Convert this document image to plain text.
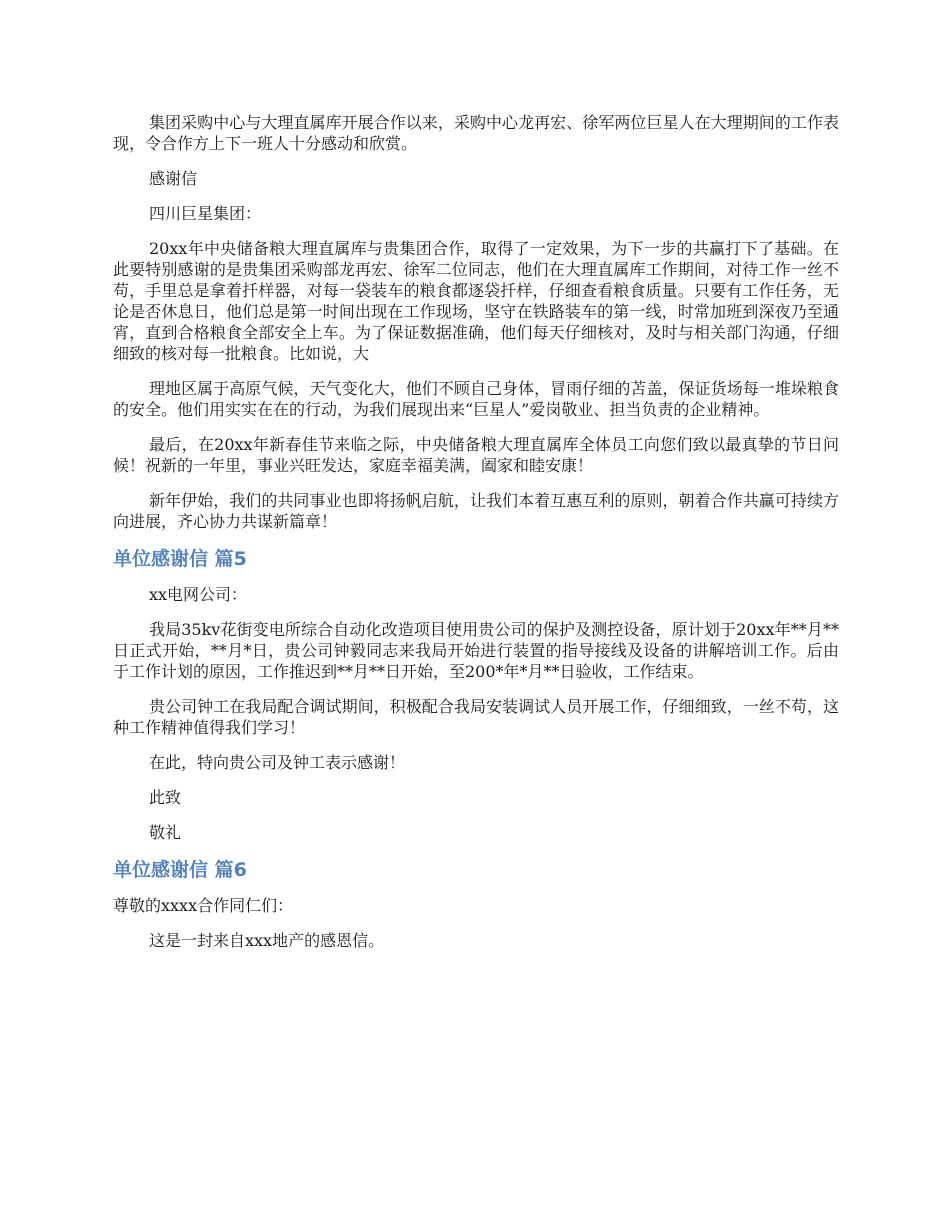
集团采购中心与大理直属库开展合作以来，采购中心龙再宏、徐军两位巨星人在大理期间的工作表现，令合作方上下一班人十分感动和欣赏。

感谢信

四川巨星集团：

20xx年中央储备粮大理直属库与贵集团合作，取得了一定效果，为下一步的共赢打下了基础。在此要特别感谢的是贵集团采购部龙再宏、徐军二位同志，他们在大理直属库工作期间，对待工作一丝不苟，手里总是拿着扦样器，对每一袋装车的粮食都逐袋扦样，仔细查看粮食质量。只要有工作任务，无论是否休息日，他们总是第一时间出现在工作现场，坚守在铁路装车的第一线，时常加班到深夜乃至通宵，直到合格粮食全部安全上车。为了保证数据准确，他们每天仔细核对，及时与相关部门沟通，仔细细致的核对每一批粮食。比如说，大

理地区属于高原气候，天气变化大，他们不顾自己身体，冒雨仔细的苫盖，保证货场每一堆垛粮食的安全。他们用实实在在的行动，为我们展现出来“巨星人”爱岗敬业、担当负责的企业精神。

最后，在20xx年新春佳节来临之际，中央储备粮大理直属库全体员工向您们致以最真挚的节日问候！祝新的一年里，事业兴旺发达，家庭幸福美满，阖家和睦安康！

新年伊始，我们的共同事业也即将扬帆启航，让我们本着互惠互利的原则，朝着合作共赢可持续方向进展，齐心协力共谋新篇章！

单位感谢信 篇5

xx电网公司：

我局35kv花街变电所综合自动化改造项目使用贵公司的保护及测控设备，原计划于20xx年**月**日正式开始，**月*日，贵公司钟毅同志来我局开始进行装置的指导接线及设备的讲解培训工作。后由于工作计划的原因，工作推迟到**月**日开始，至200*年*月**日验收，工作结束。

贵公司钟工在我局配合调试期间，积极配合我局安装调试人员开展工作，仔细细致，一丝不苟，这种工作精神值得我们学习！

在此，特向贵公司及钟工表示感谢！

此致

敬礼

单位感谢信 篇6

尊敬的xxxx合作同仁们：

这是一封来自xxx地产的感恩信。
